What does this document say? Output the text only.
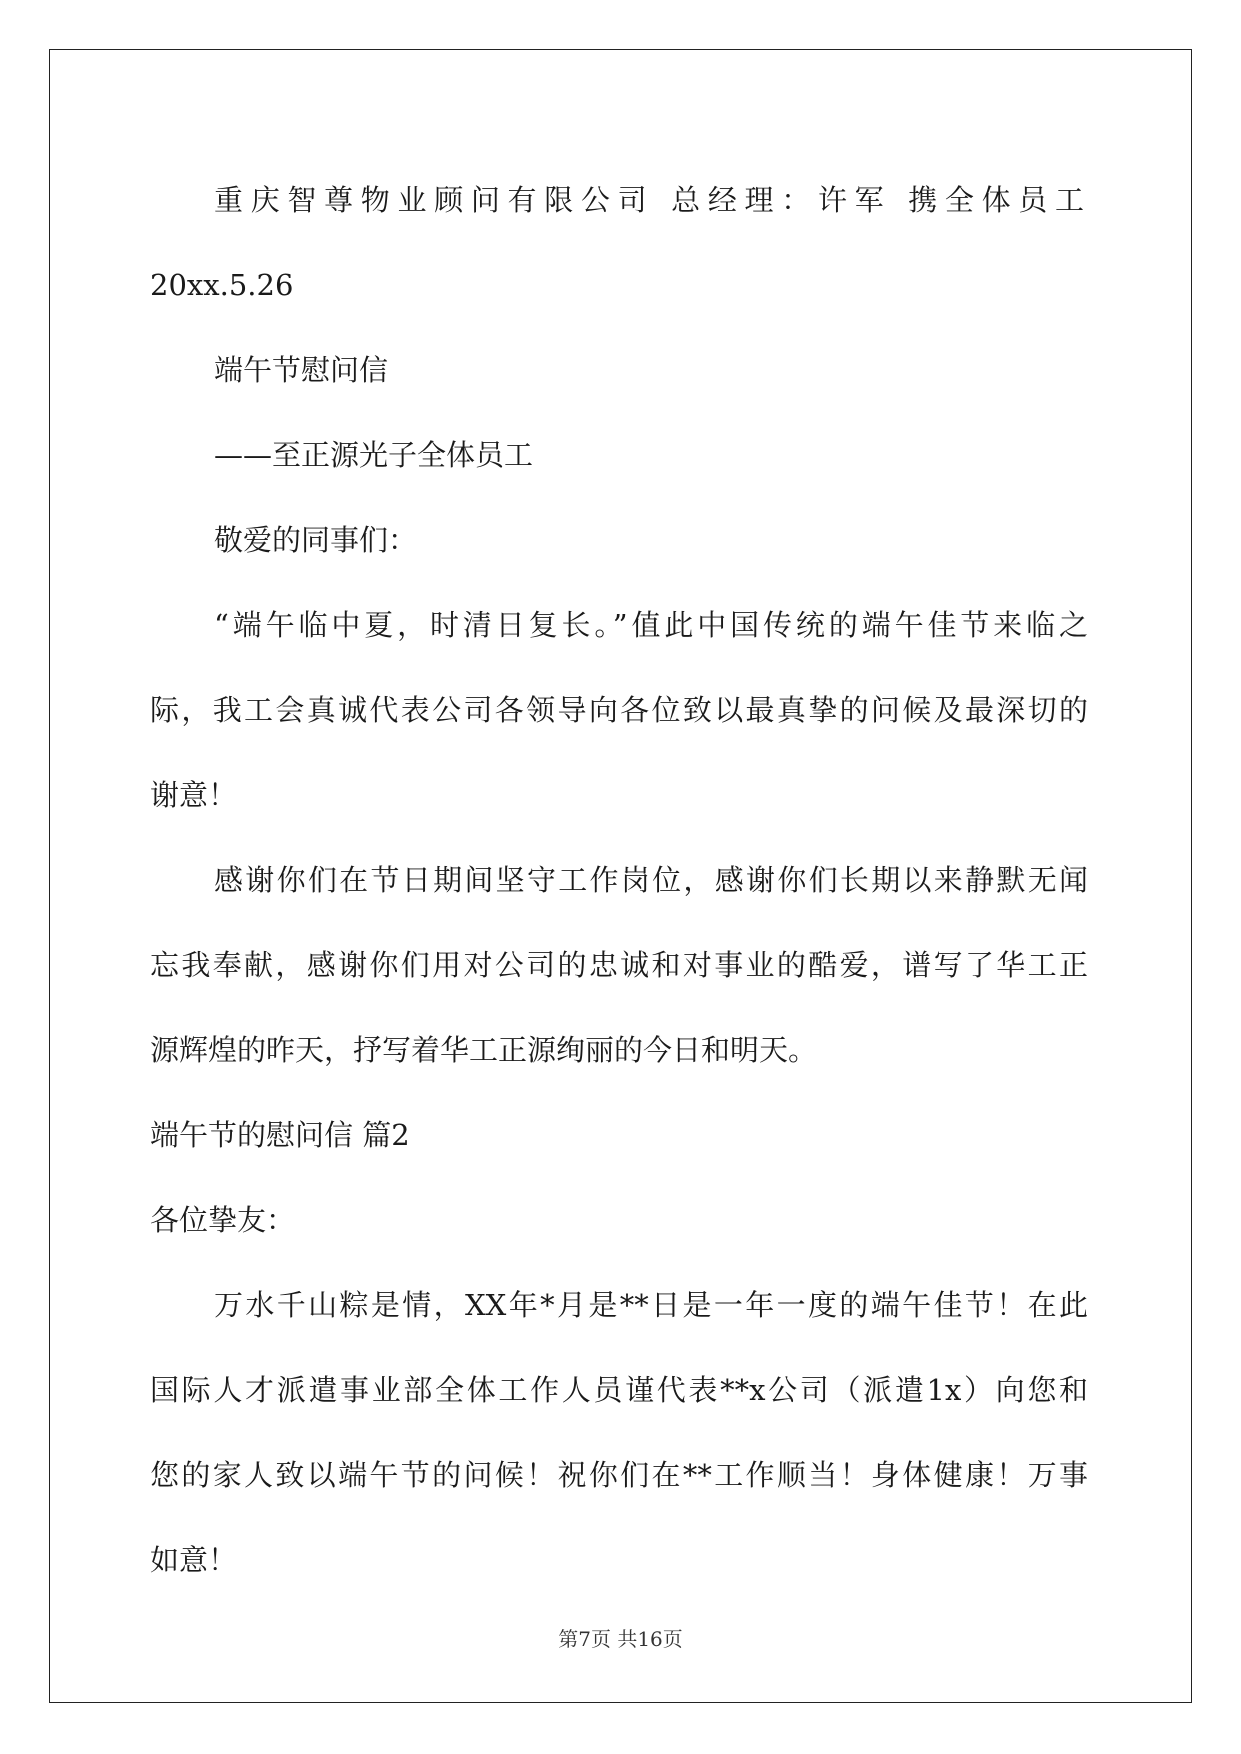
重庆智尊物业顾问有限公司 总经理：许军 携全体员工
20xx.5.26
端午节慰问信
——至正源光子全体员工
敬爱的同事们：
“端午临中夏，时清日复长。”值此中国传统的端午佳节来临之
际，我工会真诚代表公司各领导向各位致以最真挚的问候及最深切的
谢意！
感谢你们在节日期间坚守工作岗位，感谢你们长期以来静默无闻
忘我奉献，感谢你们用对公司的忠诚和对事业的酷爱，谱写了华工正
源辉煌的昨天，抒写着华工正源绚丽的今日和明天。
端午节的慰问信 篇2
各位挚友：
万水千山粽是情，XX年*月是**日是一年一度的端午佳节！在此
国际人才派遣事业部全体工作人员谨代表**x公司（派遣1x）向您和
您的家人致以端午节的问候！祝你们在**工作顺当！身体健康！万事
如意！
第7页 共16页
